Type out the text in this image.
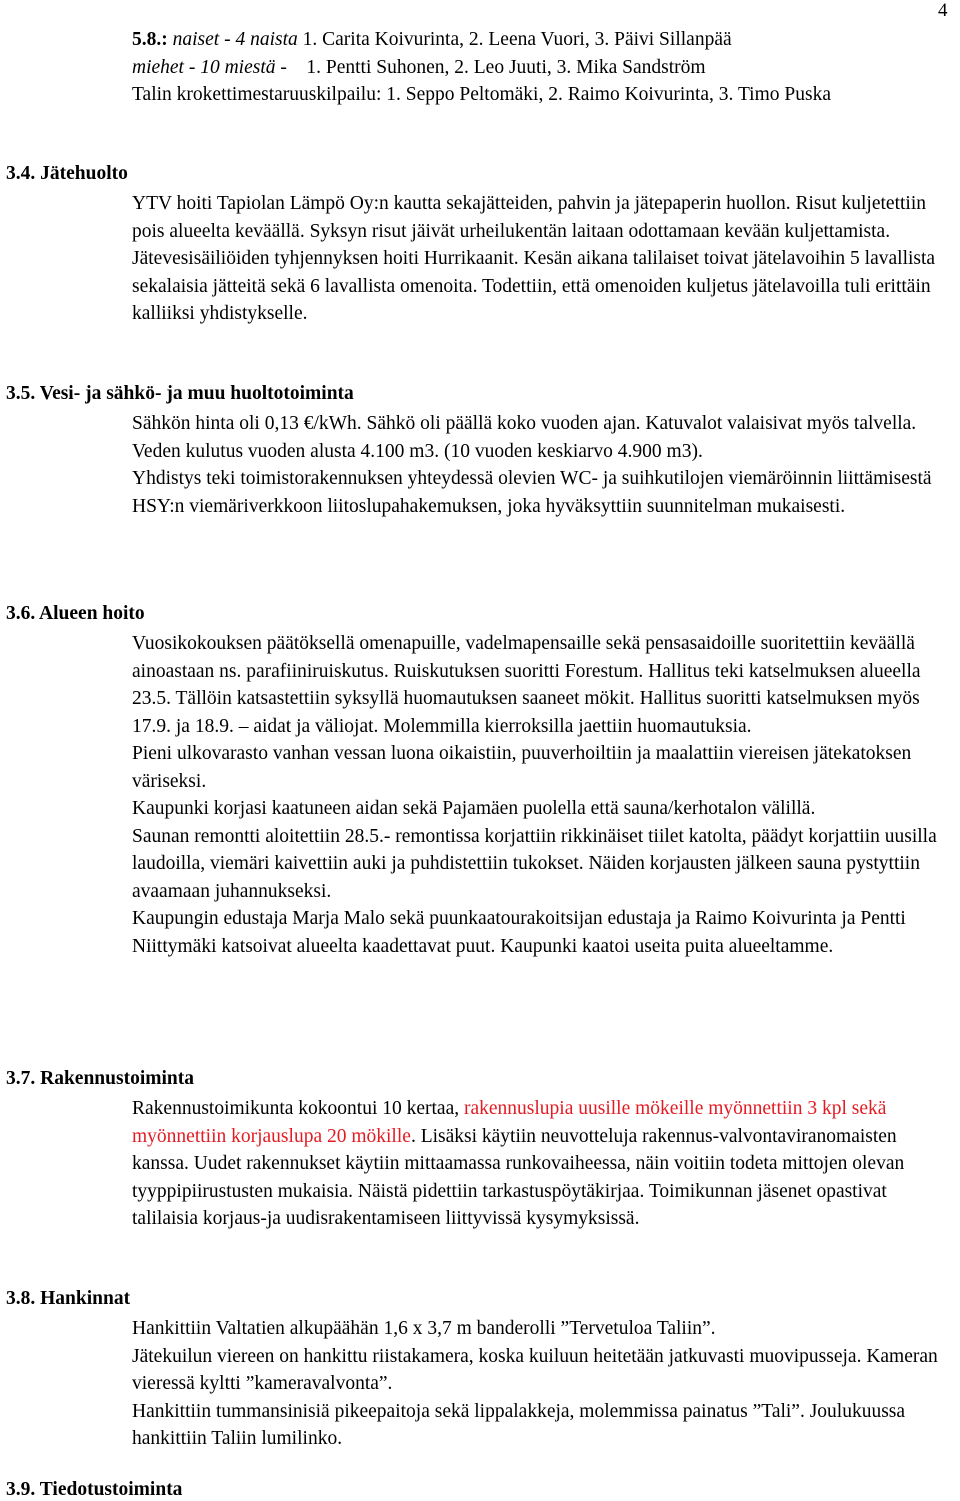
4
5.8.: naiset - 4 naista 1. Carita Koivurinta, 2. Leena Vuori, 3. Päivi Sillanpää
miehet - 10 miestä - 1. Pentti Suhonen, 2. Leo Juuti, 3. Mika Sandström
Talin krokettimestaruuskilpailu: 1. Seppo Peltomäki, 2. Raimo Koivurinta, 3. Timo Puska
3.4. Jätehuolto

YTV hoiti Tapiolan Lämpö Oy:n kautta sekajätteiden, pahvin ja jätepaperin huollon. Risut kuljetettiin pois alueelta keväällä. Syksyn risut jäivät urheilukentän laitaan odottamaan kevään kuljettamista. Jätevesisäiliöiden tyhjennyksen hoiti Hurrikaanit. Kesän aikana talilaiset toivat jätelavoihin 5 lavallista sekalaisia jätteitä sekä 6 lavallista omenoita. Todettiin, että omenoiden kuljetus jätelavoilla tuli erittäin kalliiksi yhdistykselle.

3.5. Vesi- ja sähkö- ja muu huoltotoiminta

Sähkön hinta oli 0,13 €/kWh. Sähkö oli päällä koko vuoden ajan. Katuvalot valaisivat myös talvella.

Veden kulutus vuoden alusta 4.100 m3. (10 vuoden keskiarvo 4.900 m3).

Yhdistys teki toimistorakennuksen yhteydessä olevien WC- ja suihkutilojen viemäröinnin liittämisestä HSY:n viemäriverkkoon liitoslupahakemuksen, joka hyväksyttiin suunnitelman mukaisesti.

3.6. Alueen hoito

Vuosikokouksen päätöksellä omenapuille, vadelmapensaille sekä pensasaidoille suoritettiin keväällä ainoastaan ns. parafiiniruiskutus. Ruiskutuksen suoritti Forestum. Hallitus teki katselmuksen alueella 23.5. Tällöin katsastettiin syksyllä huomautuksen saaneet mökit. Hallitus suoritti katselmuksen myös 17.9. ja 18.9. – aidat ja väliojat. Molemmilla kierroksilla jaettiin huomautuksia.

Pieni ulkovarasto vanhan vessan luona oikaistiin, puuverhoiltiin ja maalattiin viereisen jätekatoksen väriseksi.

Kaupunki korjasi kaatuneen aidan sekä Pajamäen puolella että sauna/kerhotalon välillä.

Saunan remontti aloitettiin 28.5.- remontissa korjattiin rikkinäiset tiilet katolta, päädyt korjattiin uusilla laudoilla, viemäri kaivettiin auki ja puhdistettiin tukokset. Näiden korjausten jälkeen sauna pystyttiin avaamaan juhannukseksi.

Kaupungin edustaja Marja Malo sekä puunkaatourakoitsijan edustaja ja Raimo Koivurinta ja Pentti Niittymäki katsoivat alueelta kaadettavat puut. Kaupunki kaatoi useita puita alueeltamme.

3.7. Rakennustoiminta

Rakennustoimikunta kokoontui 10 kertaa, rakennuslupia uusille mökeille myönnettiin 3 kpl sekä myönnettiin korjauslupa 20 mökille. Lisäksi käytiin neuvotteluja rakennus-valvontaviranomaisten kanssa. Uudet rakennukset käytiin mittaamassa runkovaiheessa, näin voitiin todeta mittojen olevan tyyppipiirustusten mukaisia. Näistä pidettiin tarkastuspöytäkirjaa. Toimikunnan jäsenet opastivat talilaisia korjaus-ja uudisrakentamiseen liittyvissä kysymyksissä.

3.8. Hankinnat

Hankittiin Valtatien alkupäähän 1,6 x 3,7 m banderolli ”Tervetuloa Taliin”.

Jätekuilun viereen on hankittu riistakamera, koska kuiluun heitetään jatkuvasti muovipusseja. Kameran vieressä kyltti ”kameravalvonta”.

Hankittiin tummansinisiä pikeepaitoja sekä lippalakkeja, molemmissa painatus ”Tali”. Joulukuussa hankittiin Taliin lumilinko.

3.9. Tiedotustoiminta
